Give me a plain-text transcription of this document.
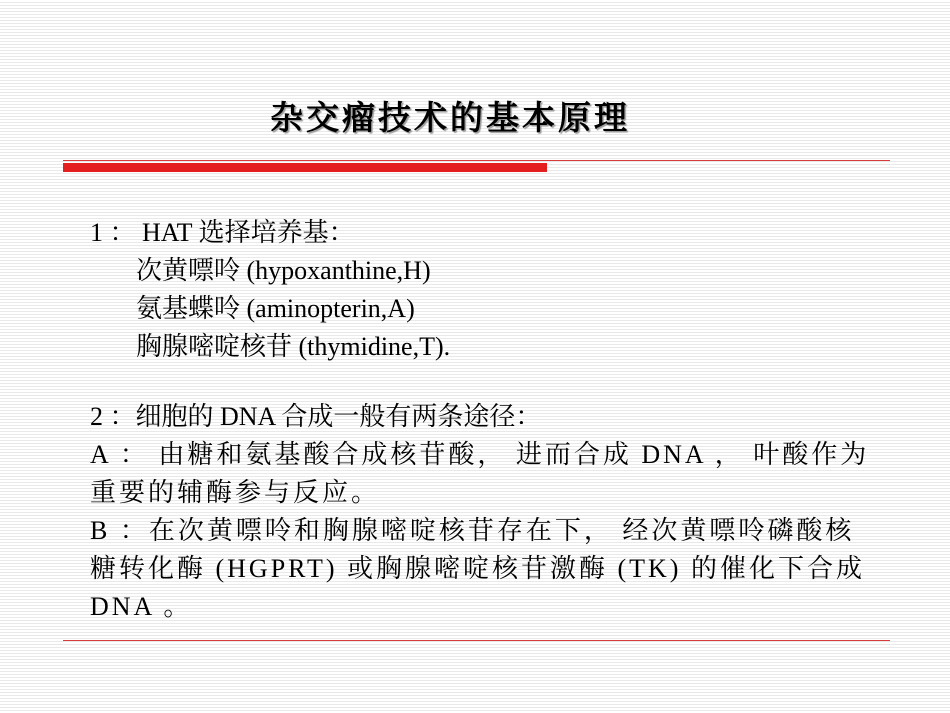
杂交瘤技术的基本原理
1 ： HAT 选择培养基：
次黄嘌呤 (hypoxanthine,H)
氨基蝶呤 (aminopterin,A)
胸腺嘧啶核苷 (thymidine,T).
2 ：细胞的 DNA 合成一般有两条途径：
A ： 由糖和氨基酸合成核苷酸， 进而合成 DNA ， 叶酸作为重要的辅酶参与反应。
B ：在次黄嘌呤和胸腺嘧啶核苷存在下， 经次黄嘌呤磷酸核糖转化酶 (HGPRT) 或胸腺嘧啶核苷激酶 (TK) 的催化下合成 DNA 。
